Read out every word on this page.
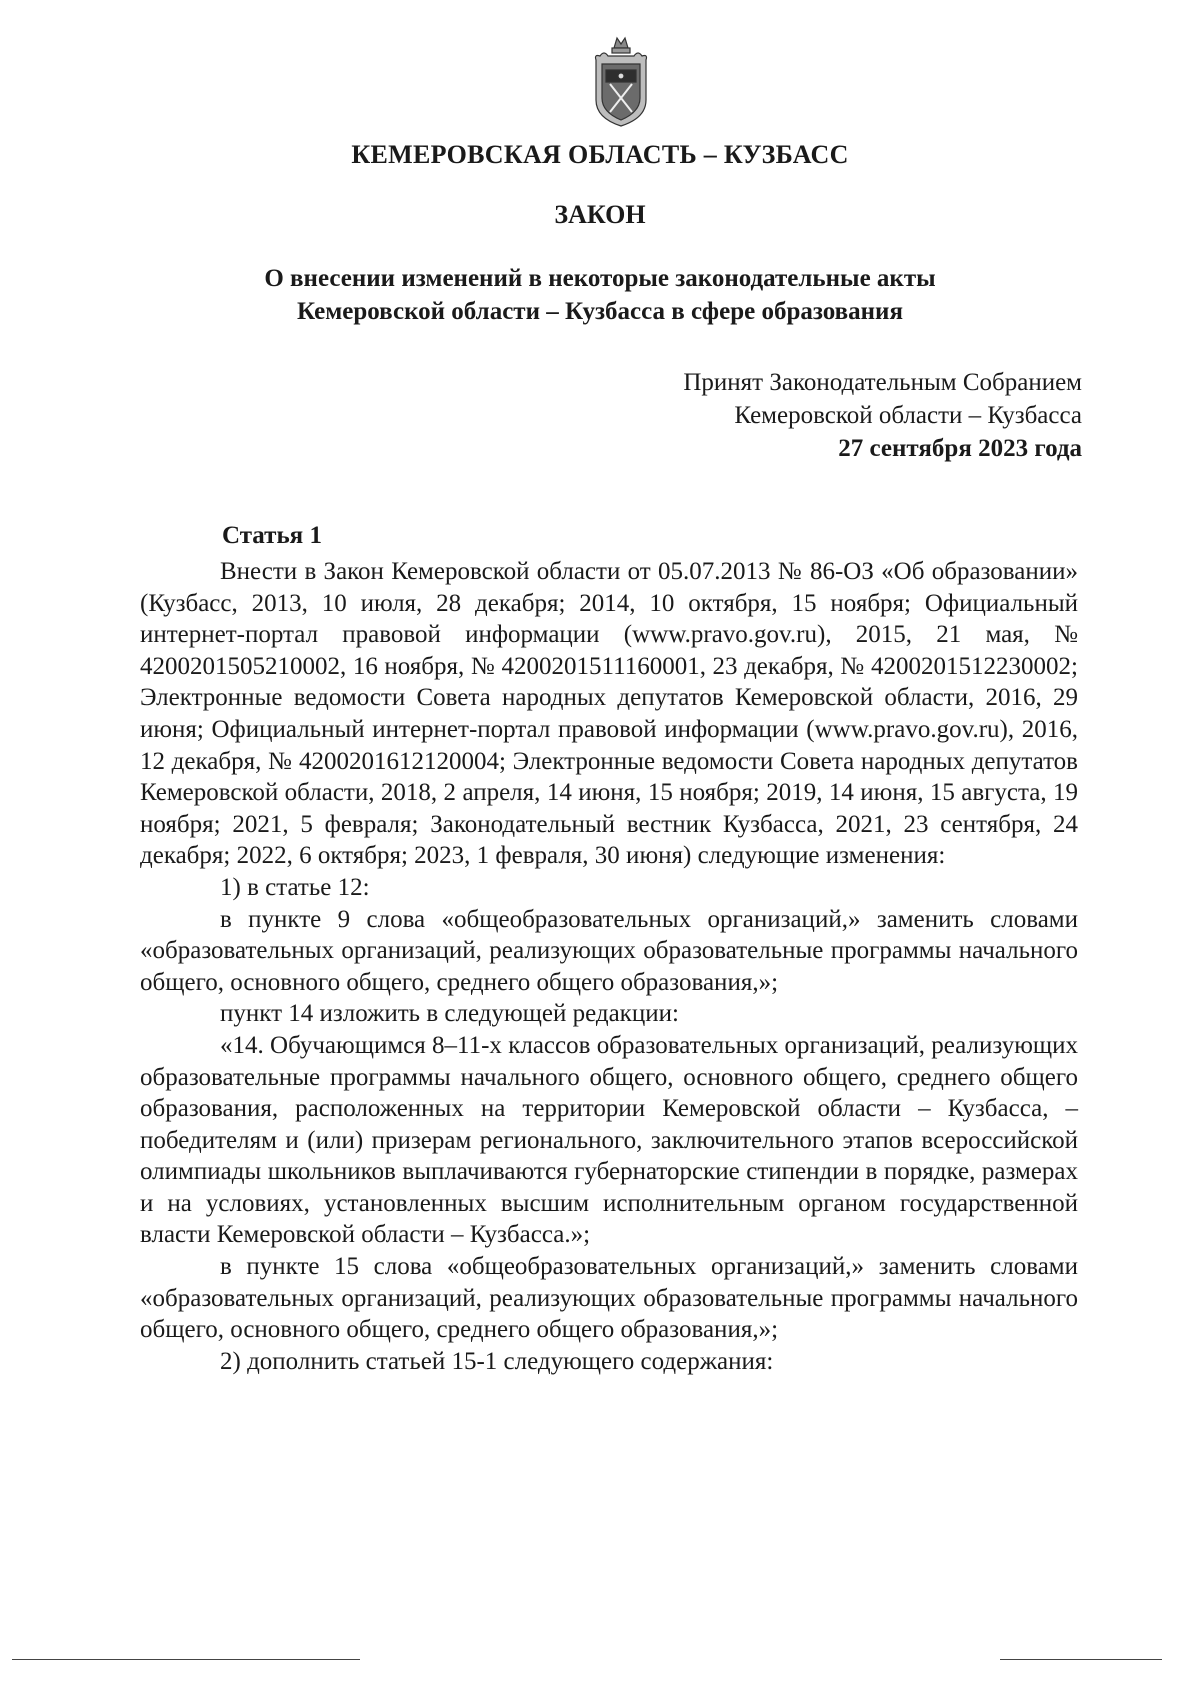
КЕМЕРОВСКАЯ ОБЛАСТЬ – КУЗБАСС
ЗАКОН
О внесении изменений в некоторые законодательные акты
Кемеровской области – Кузбасса в сфере образования
Принят Законодательным Собранием
Кемеровской области – Кузбасса
27 сентября 2023 года
Статья 1

Внести в Закон Кемеровской области от 05.07.2013 № 86-ОЗ «Об образовании» (Кузбасс, 2013, 10 июля, 28 декабря; 2014, 10 октября, 15 ноября; Официальный интернет-портал правовой информации (www.pravo.gov.ru), 2015, 21 мая, № 4200201505210002, 16 ноября, № 4200201511160001, 23 декабря, № 4200201512230002; Электронные ведомости Совета народных депутатов Кемеровской области, 2016, 29 июня; Официальный интернет-портал правовой информации (www.pravo.gov.ru), 2016, 12 декабря, № 4200201612120004; Электронные ведомости Совета народных депутатов Кемеровской области, 2018, 2 апреля, 14 июня, 15 ноября; 2019, 14 июня, 15 августа, 19 ноября; 2021, 5 февраля; Законодательный вестник Кузбасса, 2021, 23 сентября, 24 декабря; 2022, 6 октября; 2023, 1 февраля, 30 июня) следующие изменения:

1) в статье 12:

в пункте 9 слова «общеобразовательных организаций,» заменить словами «образовательных организаций, реализующих образовательные программы начального общего, основного общего, среднего общего образования,»;

пункт 14 изложить в следующей редакции:

«14. Обучающимся 8–11-х классов образовательных организаций, реализующих образовательные программы начального общего, основного общего, среднего общего образования, расположенных на территории Кемеровской области – Кузбасса, – победителям и (или) призерам регионального, заключительного этапов всероссийской олимпиады школьников выплачиваются губернаторские стипендии в порядке, размерах и на условиях, установленных высшим исполнительным органом государственной власти Кемеровской области – Кузбасса.»;

в пункте 15 слова «общеобразовательных организаций,» заменить словами «образовательных организаций, реализующих образовательные программы начального общего, основного общего, среднего общего образования,»;

2) дополнить статьей 15-1 следующего содержания:
